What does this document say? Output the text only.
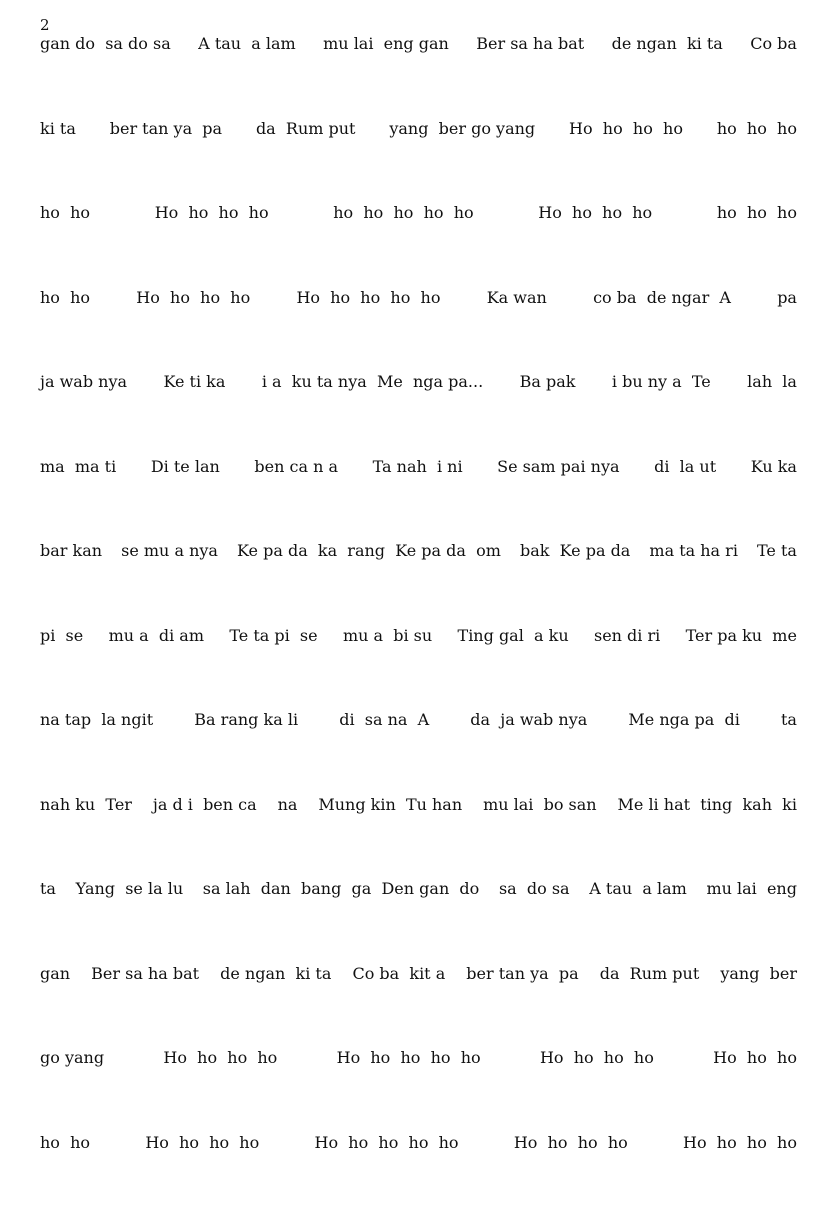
2
gan do  sa do sa A tau  a lam mu lai  eng gan Ber sa ha bat de ngan  ki ta Co ba
ki ta ber tan ya  pa da  Rum put yang  ber go yang Ho  ho  ho  ho ho  ho  ho
ho  ho	Ho  ho  ho  ho	ho  ho  ho  ho  ho	Ho  ho  ho  ho	ho  ho  ho
ho  ho	Ho  ho  ho  ho	Ho  ho  ho  ho  ho	Ka wan	co ba  de ngar  A	pa
ja wab nya Ke ti ka i a  ku ta nya  Me  nga pa... Ba pak i bu ny a  Te lah  la
ma  ma ti Di te lan ben ca n a Ta nah  i ni Se sam pai nya di  la ut Ku ka
bar kan se mu a nya Ke pa da  ka  rang  Ke pa da  om bak  Ke pa da ma ta ha ri Te ta
pi  se mu a  di am Te ta pi  se mu a  bi su Ting gal  a ku sen di ri Ter pa ku  me
na tap  la ngit	Ba rang ka li	di  sa na  A	da  ja wab nya	Me nga pa  di	ta
nah ku  Ter ja d i  ben ca na Mung kin  Tu han mu lai  bo san Me li hat  ting  kah  ki
ta Yang  se la lu sa lah  dan  bang  ga  Den gan  do sa  do sa A tau  a lam mu lai  eng
gan Ber sa ha bat de ngan  ki ta Co ba  kit a ber tan ya  pa da  Rum put yang  ber
go yang	Ho  ho  ho  ho	Ho  ho  ho  ho  ho	Ho  ho  ho  ho	Ho  ho  ho
ho  ho	Ho  ho  ho  ho	Ho  ho  ho  ho  ho	Ho  ho  ho  ho	Ho  ho  ho  ho
